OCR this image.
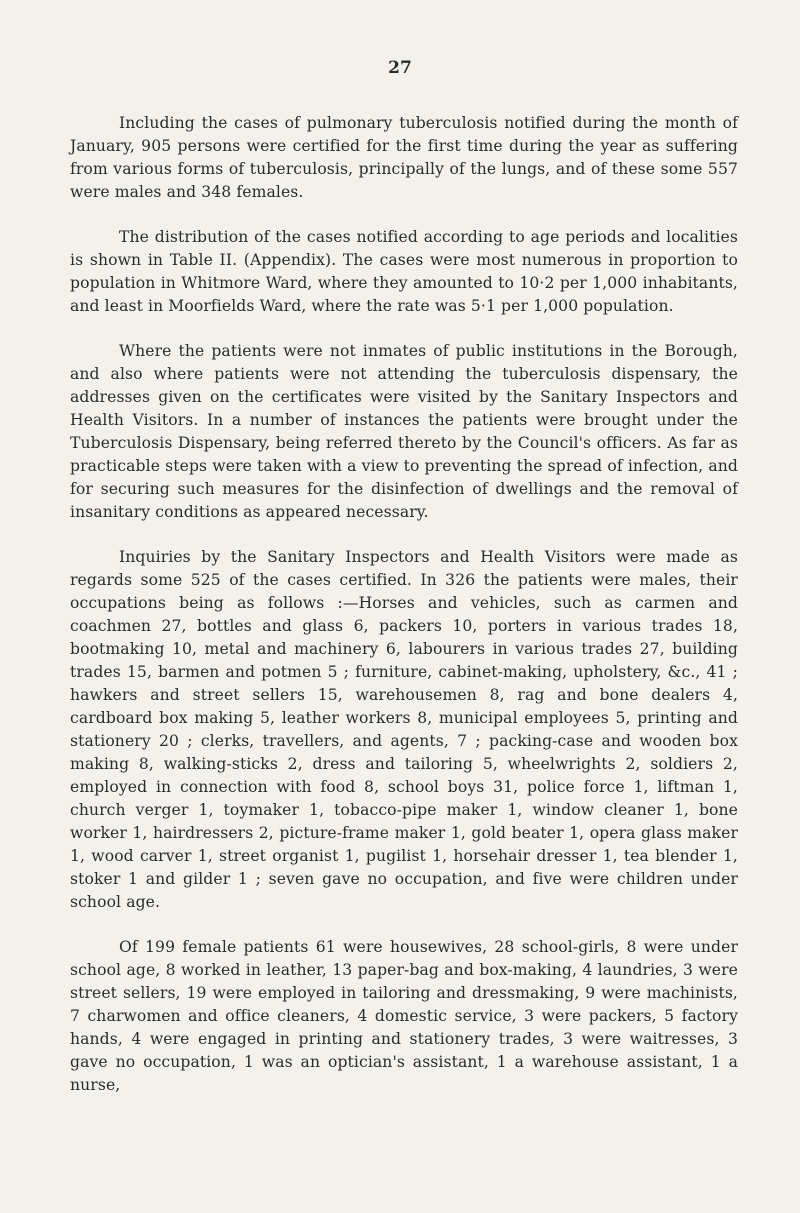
27

Including the cases of pulmonary tuberculosis notified during the month of January, 905 persons were certified for the first time during the year as suffering from various forms of tuberculosis, principally of the lungs, and of these some 557 were males and 348 females.

The distribution of the cases notified according to age periods and localities is shown in Table II. (Appendix). The cases were most numerous in proportion to population in Whitmore Ward, where they amounted to 10·2 per 1,000 inhabitants, and least in Moorfields Ward, where the rate was 5·1 per 1,000 population.

Where the patients were not inmates of public institutions in the Borough, and also where patients were not attending the tuberculosis dispensary, the addresses given on the certificates were visited by the Sanitary Inspectors and Health Visitors. In a number of instances the patients were brought under the Tuberculosis Dispensary, being referred thereto by the Council's officers. As far as practicable steps were taken with a view to preventing the spread of infection, and for securing such measures for the disinfection of dwellings and the removal of insanitary conditions as appeared necessary.

Inquiries by the Sanitary Inspectors and Health Visitors were made as regards some 525 of the cases certified. In 326 the patients were males, their occupations being as follows :—Horses and vehicles, such as carmen and coachmen 27, bottles and glass 6, packers 10, porters in various trades 18, bootmaking 10, metal and machinery 6, labourers in various trades 27, building trades 15, barmen and potmen 5 ; furniture, cabinet-making, upholstery, &c., 41 ; hawkers and street sellers 15, warehousemen 8, rag and bone dealers 4, cardboard box making 5, leather workers 8, municipal employees 5, printing and stationery 20 ; clerks, travellers, and agents, 7 ; packing-case and wooden box making 8, walking-sticks 2, dress and tailoring 5, wheelwrights 2, soldiers 2, employed in connection with food 8, school boys 31, police force 1, liftman 1, church verger 1, toymaker 1, tobacco-pipe maker 1, window cleaner 1, bone worker 1, hairdressers 2, picture-frame maker 1, gold beater 1, opera glass maker 1, wood carver 1, street organist 1, pugilist 1, horsehair dresser 1, tea blender 1, stoker 1 and gilder 1 ; seven gave no occupation, and five were children under school age.

Of 199 female patients 61 were housewives, 28 school-girls, 8 were under school age, 8 worked in leather, 13 paper-bag and box-making, 4 laundries, 3 were street sellers, 19 were employed in tailoring and dressmaking, 9 were machinists, 7 charwomen and office cleaners, 4 domestic service, 3 were packers, 5 factory hands, 4 were engaged in printing and stationery trades, 3 were waitresses, 3 gave no occupation, 1 was an optician's assistant, 1 a warehouse assistant, 1 a nurse,
